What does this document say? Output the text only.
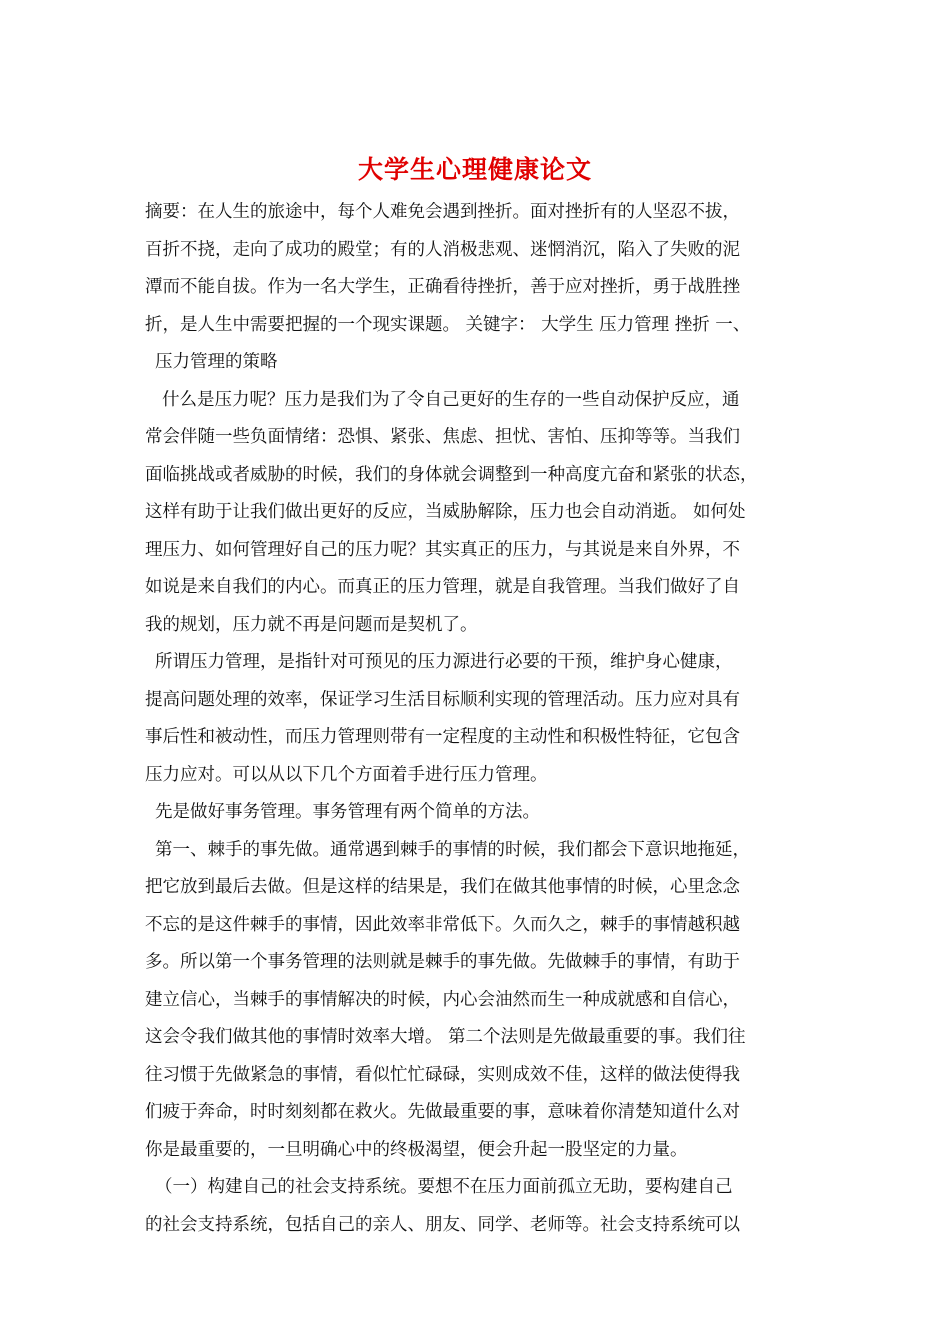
大学生心理健康论文
摘要：在人生的旅途中，每个人难免会遇到挫折。面对挫折有的人坚忍不拔，
百折不挠，走向了成功的殿堂；有的人消极悲观、迷惘消沉，陷入了失败的泥
潭而不能自拔。作为一名大学生，正确看待挫折，善于应对挫折，勇于战胜挫
折，是人生中需要把握的一个现实课题。 关键字： 大学生 压力管理 挫折 一、
压力管理的策略
什么是压力呢？压力是我们为了令自己更好的生存的一些自动保护反应，通
常会伴随一些负面情绪：恐惧、紧张、焦虑、担忧、害怕、压抑等等。当我们
面临挑战或者威胁的时候，我们的身体就会调整到一种高度亢奋和紧张的状态，
这样有助于让我们做出更好的反应，当威胁解除，压力也会自动消逝。 如何处
理压力、如何管理好自己的压力呢？其实真正的压力，与其说是来自外界，不
如说是来自我们的内心。而真正的压力管理，就是自我管理。当我们做好了自
我的规划，压力就不再是问题而是契机了。
所谓压力管理，是指针对可预见的压力源进行必要的干预，维护身心健康，
提高问题处理的效率，保证学习生活目标顺利实现的管理活动。压力应对具有
事后性和被动性，而压力管理则带有一定程度的主动性和积极性特征，它包含
压力应对。可以从以下几个方面着手进行压力管理。
先是做好事务管理。事务管理有两个简单的方法。
第一、棘手的事先做。通常遇到棘手的事情的时候，我们都会下意识地拖延，
把它放到最后去做。但是这样的结果是，我们在做其他事情的时候，心里念念
不忘的是这件棘手的事情，因此效率非常低下。久而久之，棘手的事情越积越
多。所以第一个事务管理的法则就是棘手的事先做。先做棘手的事情，有助于
建立信心，当棘手的事情解决的时候，内心会油然而生一种成就感和自信心，
这会令我们做其他的事情时效率大增。 第二个法则是先做最重要的事。我们往
往习惯于先做紧急的事情，看似忙忙碌碌，实则成效不佳，这样的做法使得我
们疲于奔命，时时刻刻都在救火。先做最重要的事，意味着你清楚知道什么对
你是最重要的，一旦明确心中的终极渴望，便会升起一股坚定的力量。
（一）构建自己的社会支持系统。要想不在压力面前孤立无助，要构建自己
的社会支持系统，包括自己的亲人、朋友、同学、老师等。社会支持系统可以
